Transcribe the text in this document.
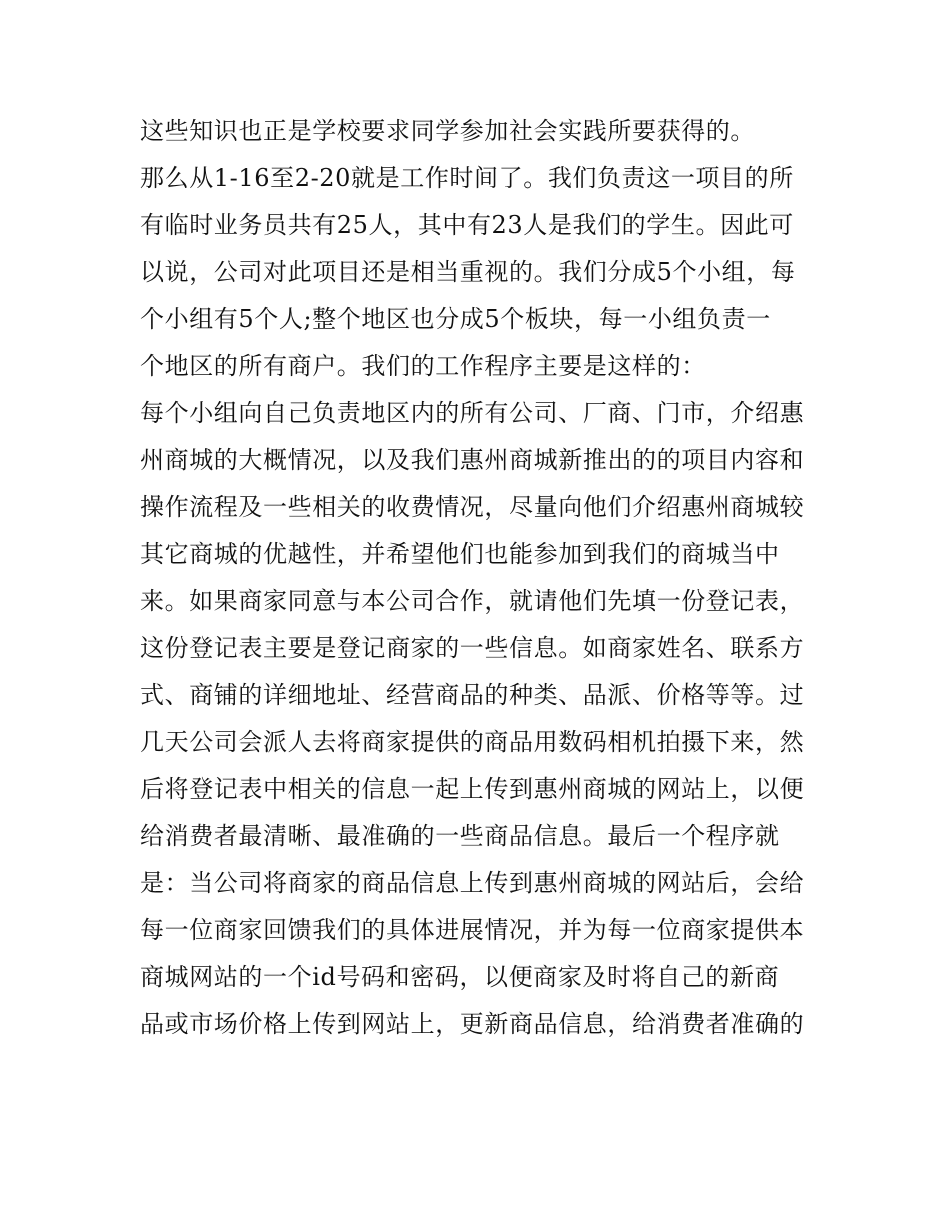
这些知识也正是学校要求同学参加社会实践所要获得的。
那么从1-16至2-20就是工作时间了。我们负责这一项目的所
有临时业务员共有25人，其中有23人是我们的学生。因此可
以说，公司对此项目还是相当重视的。我们分成5个小组，每
个小组有5个人;整个地区也分成5个板块，每一小组负责一
个地区的所有商户。我们的工作程序主要是这样的：
每个小组向自己负责地区内的所有公司、厂商、门市，介绍惠
州商城的大概情况，以及我们惠州商城新推出的的项目内容和
操作流程及一些相关的收费情况，尽量向他们介绍惠州商城较
其它商城的优越性，并希望他们也能参加到我们的商城当中
来。如果商家同意与本公司合作，就请他们先填一份登记表，
这份登记表主要是登记商家的一些信息。如商家姓名、联系方
式、商铺的详细地址、经营商品的种类、品派、价格等等。过
几天公司会派人去将商家提供的商品用数码相机拍摄下来，然
后将登记表中相关的信息一起上传到惠州商城的网站上，以便
给消费者最清晰、最准确的一些商品信息。最后一个程序就
是：当公司将商家的商品信息上传到惠州商城的网站后，会给
每一位商家回馈我们的具体进展情况，并为每一位商家提供本
商城网站的一个id号码和密码，以便商家及时将自己的新商
品或市场价格上传到网站上，更新商品信息，给消费者准确的
